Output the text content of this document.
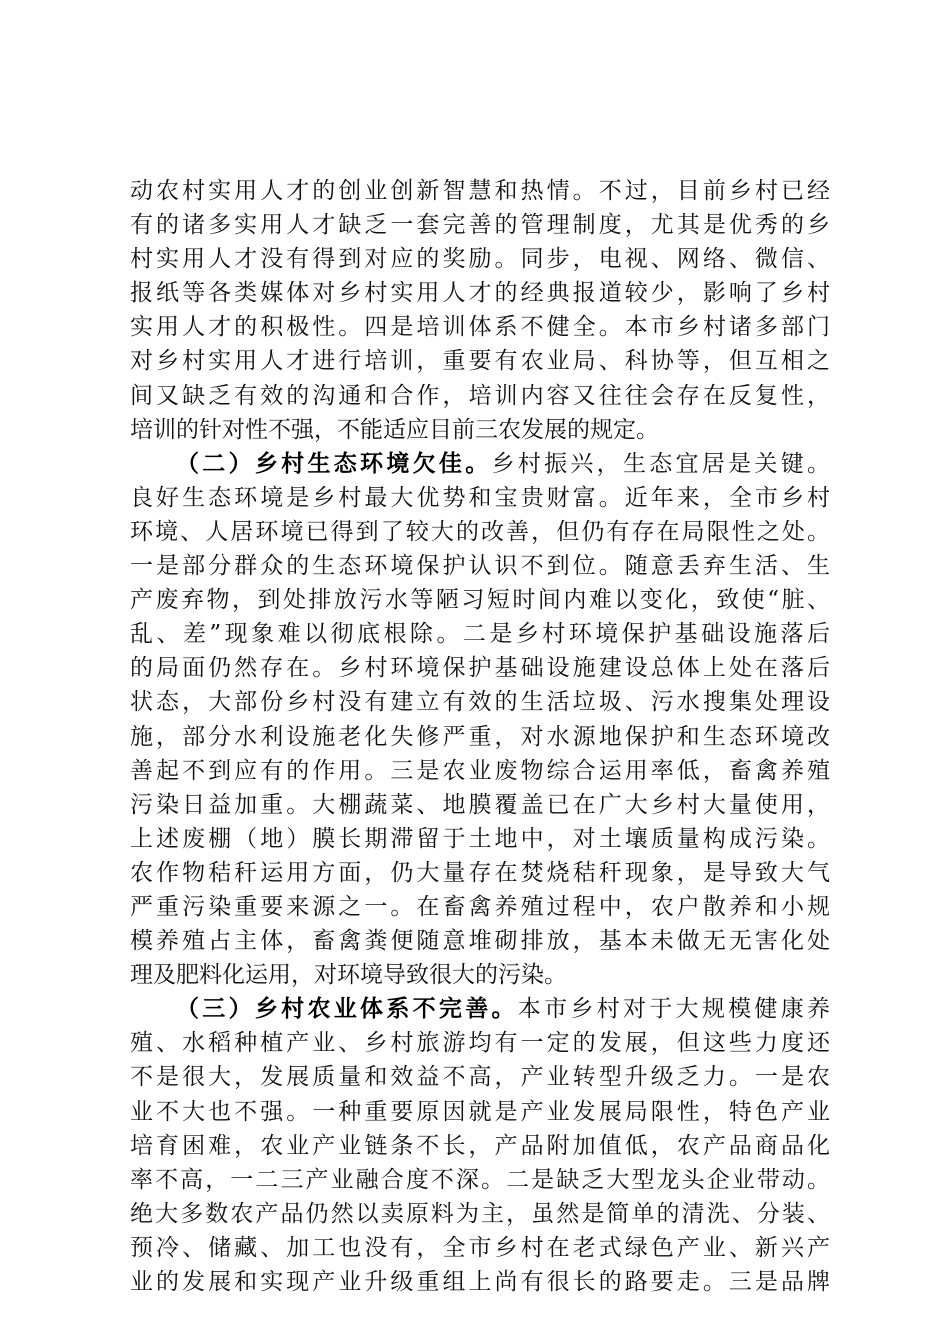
动农村实用人才的创业创新智慧和热情。不过，目前乡村已经
有的诸多实用人才缺乏一套完善的管理制度，尤其是优秀的乡
村实用人才没有得到对应的奖励。同步，电视、网络、微信、
报纸等各类媒体对乡村实用人才的经典报道较少，影响了乡村
实用人才的积极性。四是培训体系不健全。本市乡村诸多部门
对乡村实用人才进行培训，重要有农业局、科协等，但互相之
间又缺乏有效的沟通和合作，培训内容又往往会存在反复性，
培训的针对性不强，不能适应目前三农发展的规定。
（二）乡村生态环境欠佳。乡村振兴，生态宜居是关键。
良好生态环境是乡村最大优势和宝贵财富。近年来，全市乡村
环境、人居环境已得到了较大的改善，但仍有存在局限性之处。
一是部分群众的生态环境保护认识不到位。随意丢弃生活、生
产废弃物，到处排放污水等陋习短时间内难以变化，致使“脏、
乱、差”现象难以彻底根除。二是乡村环境保护基础设施落后
的局面仍然存在。乡村环境保护基础设施建设总体上处在落后
状态，大部份乡村没有建立有效的生活垃圾、污水搜集处理设
施，部分水利设施老化失修严重，对水源地保护和生态环境改
善起不到应有的作用。三是农业废物综合运用率低，畜禽养殖
污染日益加重。大棚蔬菜、地膜覆盖已在广大乡村大量使用，
上述废棚（地）膜长期滞留于土地中，对土壤质量构成污染。
农作物秸秆运用方面，仍大量存在焚烧秸秆现象，是导致大气
严重污染重要来源之一。在畜禽养殖过程中，农户散养和小规
模养殖占主体，畜禽粪便随意堆砌排放，基本未做无无害化处
理及肥料化运用，对环境导致很大的污染。
（三）乡村农业体系不完善。本市乡村对于大规模健康养
殖、水稻种植产业、乡村旅游均有一定的发展，但这些力度还
不是很大，发展质量和效益不高，产业转型升级乏力。一是农
业不大也不强。一种重要原因就是产业发展局限性，特色产业
培育困难，农业产业链条不长，产品附加值低，农产品商品化
率不高，一二三产业融合度不深。二是缺乏大型龙头企业带动。
绝大多数农产品仍然以卖原料为主，虽然是简单的清洗、分装、
预冷、储藏、加工也没有，全市乡村在老式绿色产业、新兴产
业的发展和实现产业升级重组上尚有很长的路要走。三是品牌
